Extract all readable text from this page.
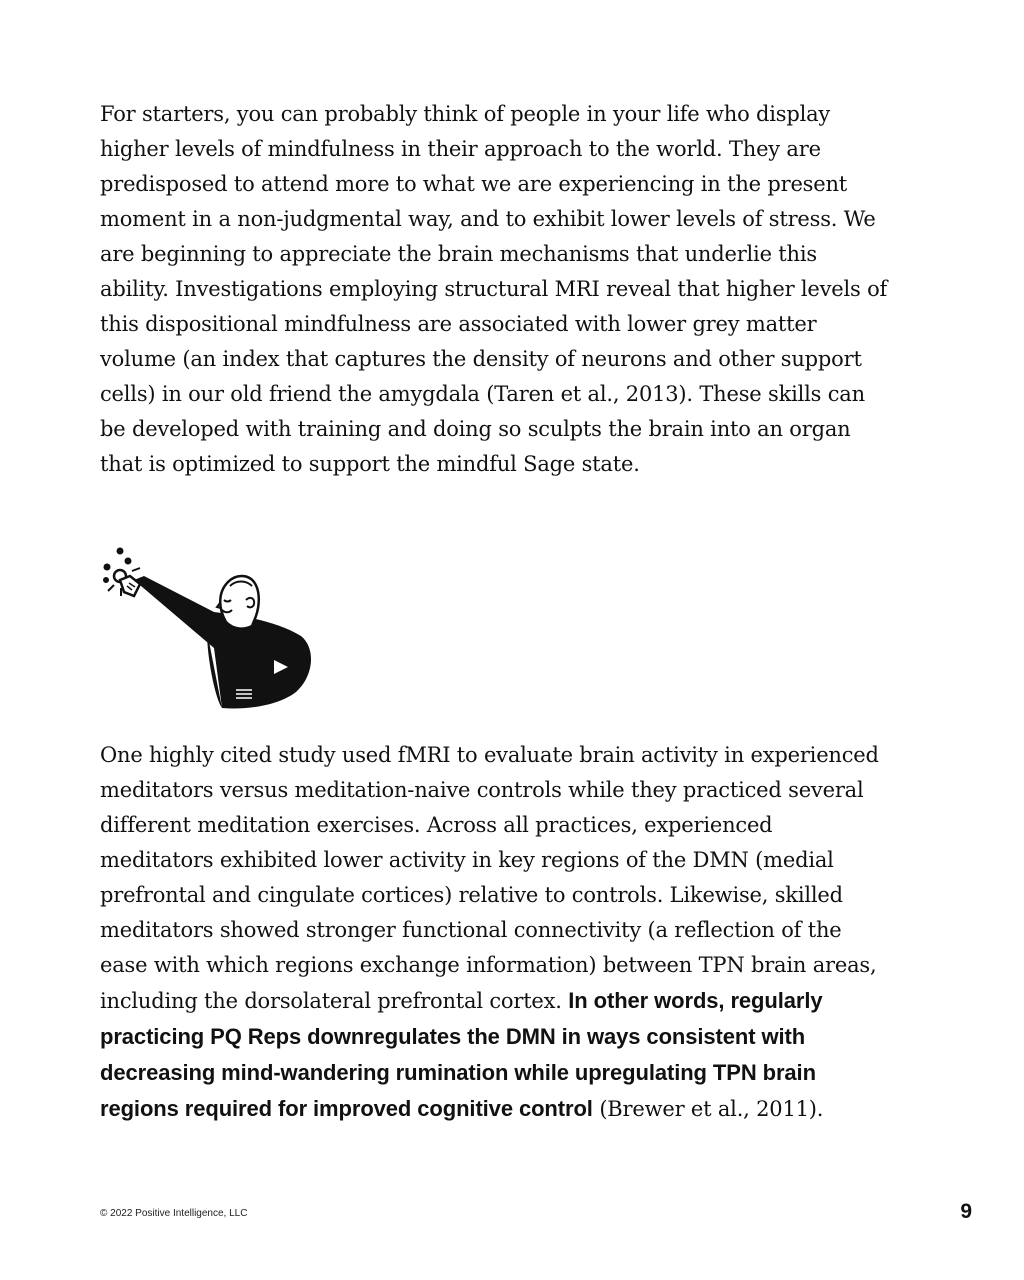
For starters, you can probably think of people in your life who display higher levels of mindfulness in their approach to the world. They are predisposed to attend more to what we are experiencing in the present moment in a non-judgmental way, and to exhibit lower levels of stress. We are beginning to appreciate the brain mechanisms that underlie this ability. Investigations employing structural MRI reveal that higher levels of this dispositional mindfulness are associated with lower grey matter volume (an index that captures the density of neurons and other support cells) in our old friend the amygdala (Taren et al., 2013). These skills can be developed with training and doing so sculpts the brain into an organ that is optimized to support the mindful Sage state.

One highly cited study used fMRI to evaluate brain activity in experienced meditators versus meditation-naive controls while they practiced several different meditation exercises. Across all practices, experienced meditators exhibited lower activity in key regions of the DMN (medial prefrontal and cingulate cortices) relative to controls. Likewise, skilled meditators showed stronger functional connectivity (a reflection of the ease with which regions exchange information) between TPN brain areas, including the dorsolateral prefrontal cortex. In other words, regularly practicing PQ Reps downregulates the DMN in ways consistent with decreasing mind-wandering rumination while upregulating TPN brain regions required for improved cognitive control (Brewer et al., 2011).

© 2022 Positive Intelligence, LLC	9
